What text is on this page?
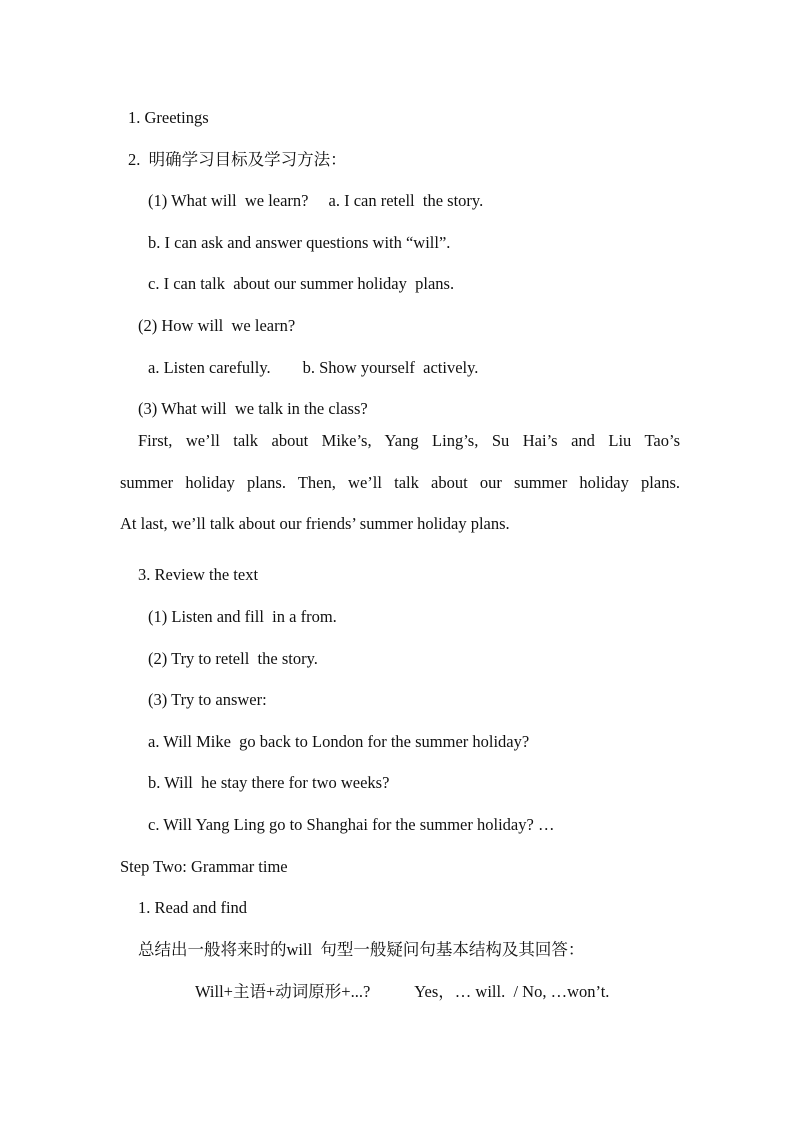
1. Greetings
2.  明确学习目标及学习方法：
(1) What will  we learn? a. I can retell  the story.
b. I can ask and answer questions with “will”.
c. I can talk  about our summer holiday  plans.
(2) How will  we learn?
a. Listen carefully. b. Show yourself  actively.
(3) What will  we talk in the class?
First, we’ll talk about Mike’s, Yang Ling’s, Su Hai’s and Liu Tao’s
summer holiday plans. Then, we’ll talk about our summer holiday plans.
At last, we’ll talk about our friends’ summer holiday plans.
3. Review the text
(1) Listen and fill  in a from.
(2) Try to retell  the story.
(3) Try to answer:
a. Will Mike  go back to London for the summer holiday?
b. Will  he stay there for two weeks?
c. Will Yang Ling go to Shanghai for the summer holiday? …
Step Two: Grammar time
1. Read and find
总结出一般将来时的will  句型一般疑问句基本结构及其回答：
Will+主语+动词原形+...?	Yes，… will.  / No, …won’t.
